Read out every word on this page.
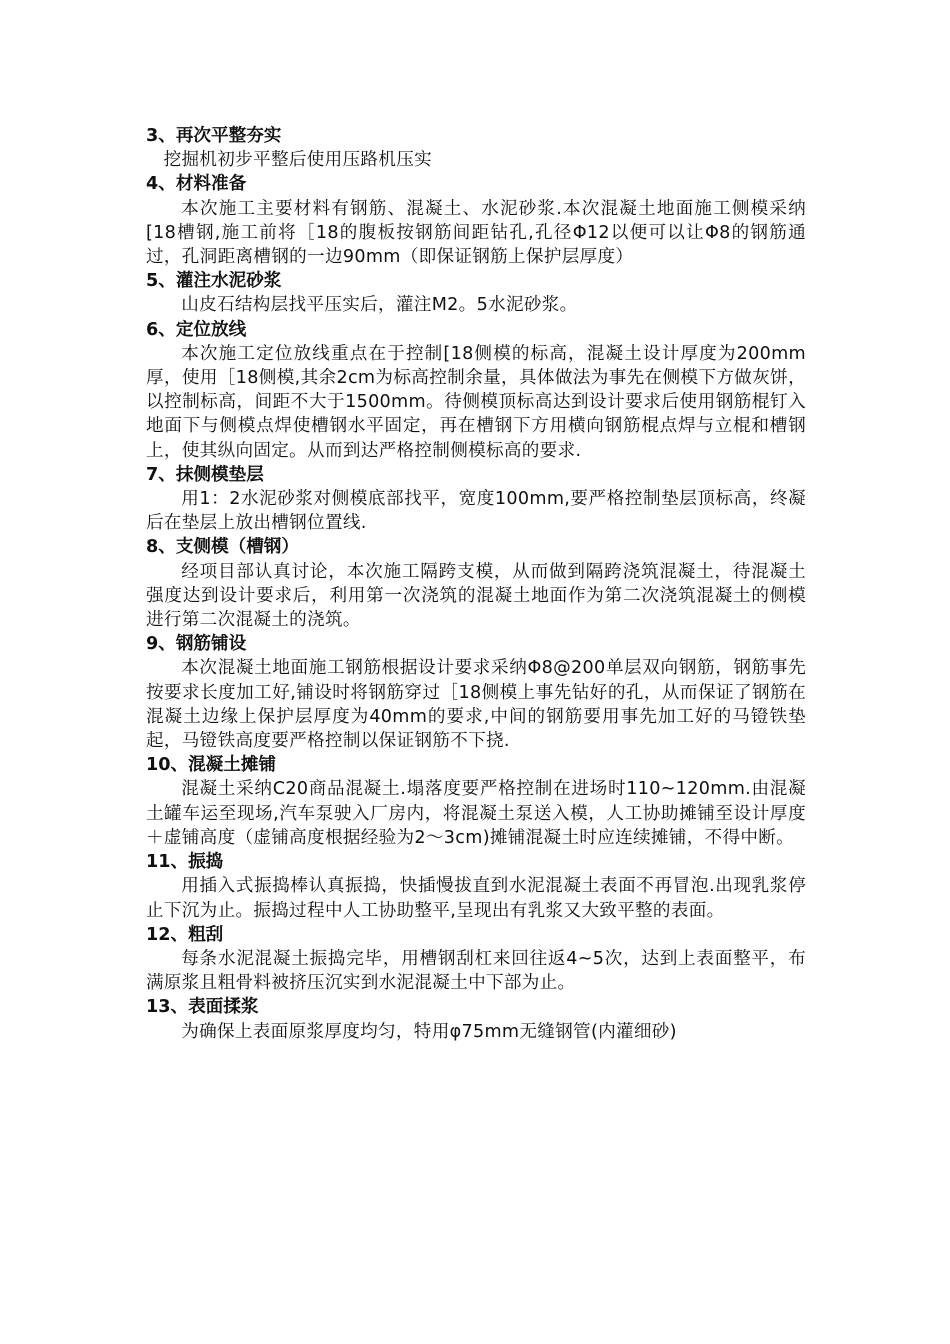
3、再次平整夯实

挖掘机初步平整后使用压路机压实

4、材料准备

本次施工主要材料有钢筋、混凝土、水泥砂浆.本次混凝土地面施工侧模采纳[18槽钢,施工前将［18的腹板按钢筋间距钻孔,孔径Φ12以便可以让Φ8的钢筋通过，孔洞距离槽钢的一边90mm（即保证钢筋上保护层厚度）

5、灌注水泥砂浆

山皮石结构层找平压实后，灌注M2。5水泥砂浆。

6、定位放线

本次施工定位放线重点在于控制[18侧模的标高，混凝土设计厚度为200mm厚，使用［18侧模,其余2cm为标高控制余量，具体做法为事先在侧模下方做灰饼，以控制标高，间距不大于1500mm。待侧模顶标高达到设计要求后使用钢筋棍钉入地面下与侧模点焊使槽钢水平固定，再在槽钢下方用横向钢筋棍点焊与立棍和槽钢上，使其纵向固定。从而到达严格控制侧模标高的要求.

7、抹侧模垫层

用1：2水泥砂浆对侧模底部找平，宽度100mm,要严格控制垫层顶标高，终凝后在垫层上放出槽钢位置线.

8、支侧模（槽钢）

经项目部认真讨论，本次施工隔跨支模，从而做到隔跨浇筑混凝土，待混凝土强度达到设计要求后，利用第一次浇筑的混凝土地面作为第二次浇筑混凝土的侧模进行第二次混凝土的浇筑。

9、钢筋铺设

本次混凝土地面施工钢筋根据设计要求采纳Φ8@200单层双向钢筋，钢筋事先按要求长度加工好,铺设时将钢筋穿过［18侧模上事先钻好的孔，从而保证了钢筋在混凝土边缘上保护层厚度为40mm的要求,中间的钢筋要用事先加工好的马镫铁垫起，马镫铁高度要严格控制以保证钢筋不下挠.

10、混凝土摊铺

混凝土采纳C20商品混凝土.塌落度要严格控制在进场时110~120mm.由混凝土罐车运至现场,汽车泵驶入厂房内，将混凝土泵送入模，人工协助摊铺至设计厚度＋虚铺高度（虚铺高度根据经验为2～3cm)摊铺混凝土时应连续摊铺，不得中断。

11、振捣

用插入式振捣棒认真振捣，快插慢拔直到水泥混凝土表面不再冒泡.出现乳浆停止下沉为止。振捣过程中人工协助整平,呈现出有乳浆又大致平整的表面。

12、粗刮

每条水泥混凝土振捣完毕，用槽钢刮杠来回往返4~5次，达到上表面整平，布满原浆且粗骨料被挤压沉实到水泥混凝土中下部为止。

13、表面揉浆

为确保上表面原浆厚度均匀，特用φ75mm无缝钢管(内灌细砂)
